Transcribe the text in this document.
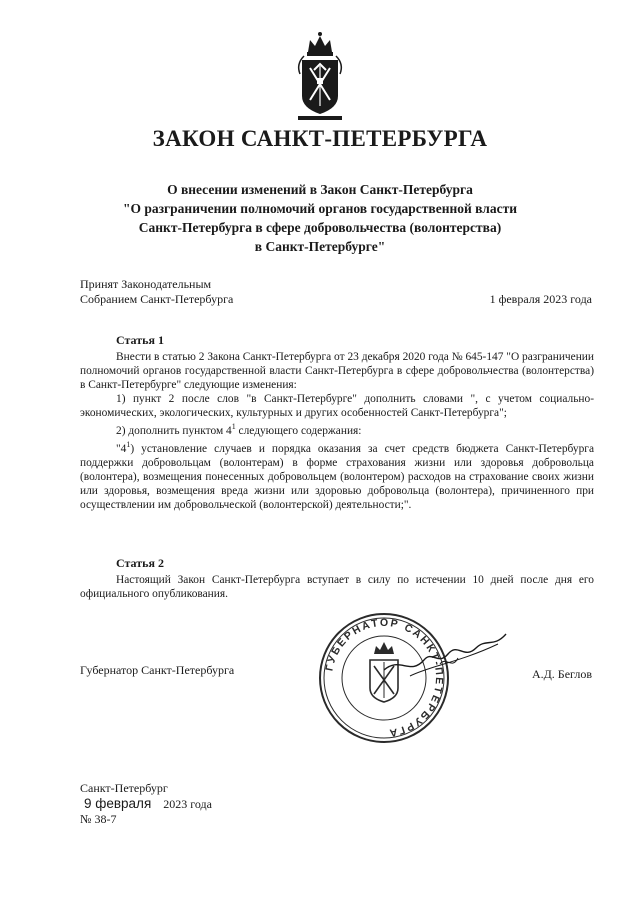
ЗАКОН САНКТ-ПЕТЕРБУРГА
О внесении изменений в Закон Санкт-Петербурга
"О разграничении полномочий органов государственной власти
Санкт-Петербурга в сфере добровольчества (волонтерства)
в Санкт-Петербурге"
Принят Законодательным
Собранием Санкт-Петербурга	1 февраля 2023 года
Статья 1
Внести в статью 2 Закона Санкт-Петербурга от 23 декабря 2020 года № 645-147 "О разграничении полномочий органов государственной власти Санкт-Петербурга в сфере добровольчества (волонтерства) в Санкт-Петербурге" следующие изменения:
1) пункт 2 после слов "в Санкт-Петербурге" дополнить словами ", с учетом социально-экономических, экологических, культурных и других особенностей Санкт-Петербурга";
2) дополнить пунктом $4^1$ следующего содержания:
"$4^1$) установление случаев и порядка оказания за счет средств бюджета Санкт-Петербурга поддержки добровольцам (волонтерам) в форме страхования жизни или здоровья добровольца (волонтера), возмещения понесенных добровольцем (волонтером) расходов на страхование своих жизни или здоровья, возмещения вреда жизни или здоровью добровольца (волонтера), причиненного при осуществлении им добровольческой (волонтерской) деятельности;".
Статья 2
Настоящий Закон Санкт-Петербурга вступает в силу по истечении 10 дней после дня его официального опубликования.
Губернатор Санкт-Петербурга	А.Д. Беглов
ГУБЕРНАТОР САНКТ-ПЕТЕРБУРГА
Санкт-Петербург
9 февраля 2023 года
№ 38-7
